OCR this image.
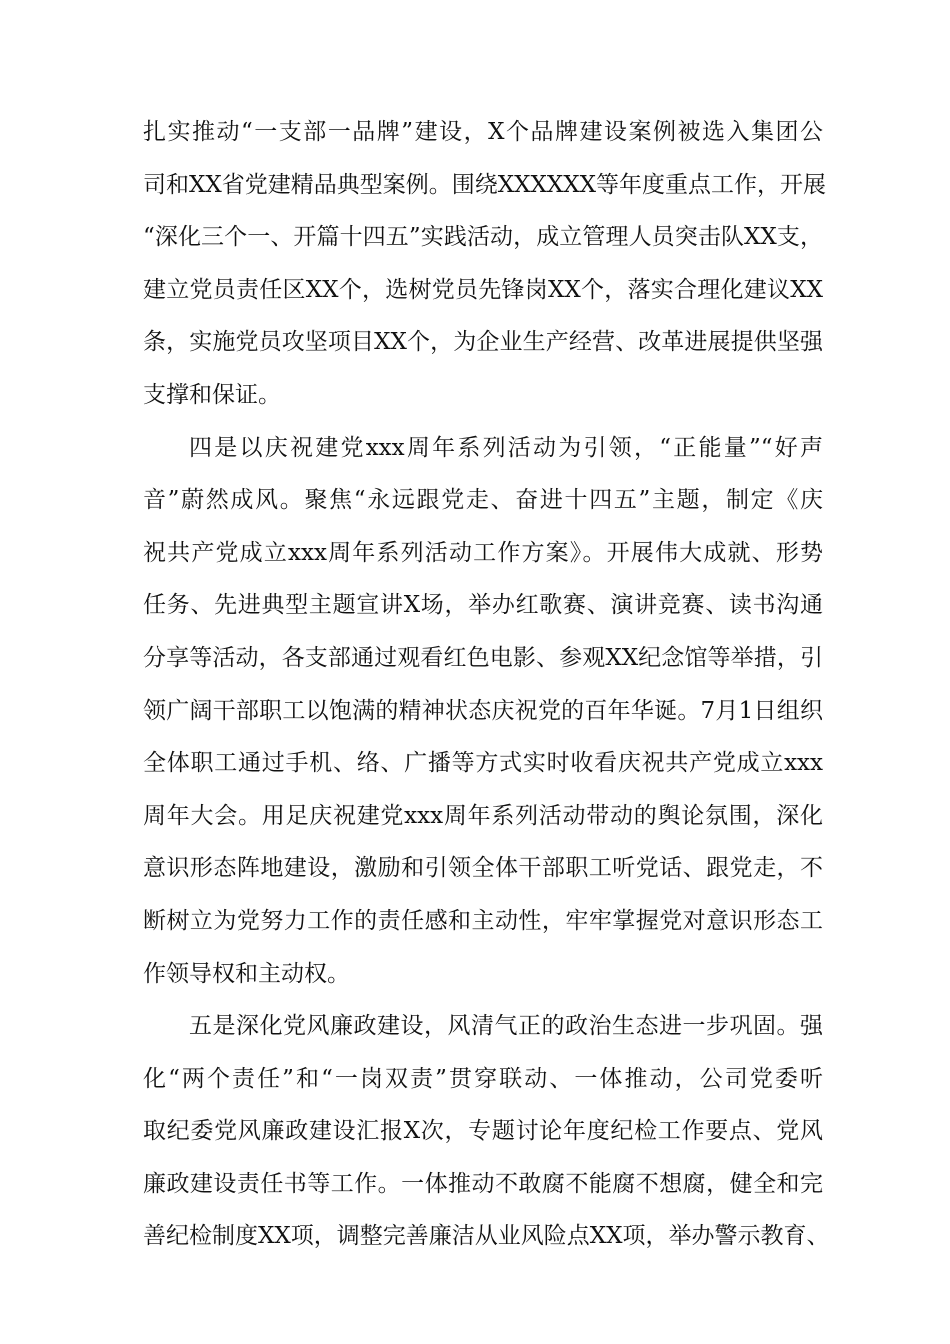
扎实推动“一支部一品牌”建设，X个品牌建设案例被选入集团公
司和XX省党建精品典型案例。围绕XXXXXX等年度重点工作，开展
“深化三个一、开篇十四五”实践活动，成立管理人员突击队XX支，
建立党员责任区XX个，选树党员先锋岗XX个，落实合理化建议XX
条，实施党员攻坚项目XX个，为企业生产经营、改革进展提供坚强
支撑和保证。
四是以庆祝建党xxx周年系列活动为引领，“正能量”“好声
音”蔚然成风。聚焦“永远跟党走、奋进十四五”主题，制定《庆
祝共产党成立xxx周年系列活动工作方案》。开展伟大成就、形势
任务、先进典型主题宣讲X场，举办红歌赛、演讲竞赛、读书沟通
分享等活动，各支部通过观看红色电影、参观XX纪念馆等举措，引
领广阔干部职工以饱满的精神状态庆祝党的百年华诞。7月1日组织
全体职工通过手机、络、广播等方式实时收看庆祝共产党成立xxx
周年大会。用足庆祝建党xxx周年系列活动带动的舆论氛围，深化
意识形态阵地建设，激励和引领全体干部职工听党话、跟党走，不
断树立为党努力工作的责任感和主动性，牢牢掌握党对意识形态工
作领导权和主动权。
五是深化党风廉政建设，风清气正的政治生态进一步巩固。强
化“两个责任”和“一岗双责”贯穿联动、一体推动，公司党委听
取纪委党风廉政建设汇报X次，专题讨论年度纪检工作要点、党风
廉政建设责任书等工作。一体推动不敢腐不能腐不想腐，健全和完
善纪检制度XX项，调整完善廉洁从业风险点XX项，举办警示教育、
